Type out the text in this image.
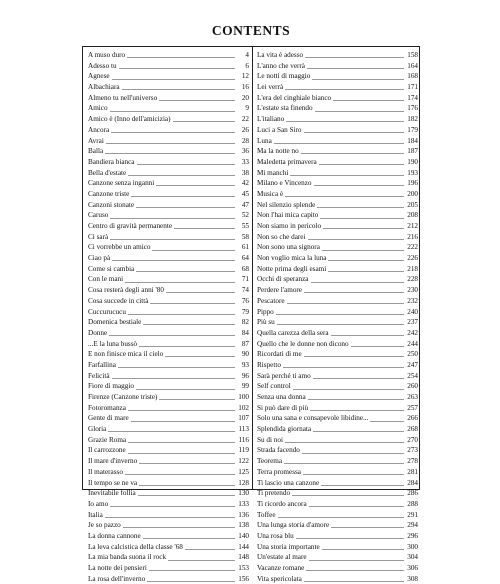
CONTENTS
A muso duro	4
Adesso tu	6
Agnese	12
Albachiara	16
Almeno tu nell'universo	20
Amico	9
Amico è (Inno dell'amicizia)	22
Ancora	26
Avrai	28
Balla	36
Bandiera bianca	33
Bella d'estate	38
Canzone senza inganni	42
Canzone triste	45
Canzoni stonate	47
Caruso	52
Centro di gravità permanente	55
Ci sarà	58
Ci vorrebbe un amico	61
Ciao pà	64
Come si cambia	68
Con le mani	71
Cosa resterà degli anni '80	74
Cosa succede in città	76
Cuccurucucu	79
Domenica bestiale	82
Donne	84
...E la luna bussò	87
E non finisce mica il cielo	90
Farfallina	93
Felicità	96
Fiore di maggio	99
Firenze (Canzone triste)	100
Fotoromanza	102
Gente di mare	107
Gloria	113
Grazie Roma	116
Il carrozzone	119
Il mare d'inverno	122
Il materasso	125
Il tempo se ne va	128
Inevitabile follia	130
Io amo	133
Italia	136
Je so pazzo	138
La donna cannone	140
La leva calcistica della classe '68	144
La mia banda suona il rock	148
La notte dei pensieri	153
La rosa dell'inverno	156
La vita è adesso	158
L'anno che verrà	164
Le notti di maggio	168
Lei verrà	171
L'era del cinghiale bianco	174
L'estate sta finendo	176
L'italiano	182
Luci a San Siro	179
Luna	184
Ma la notte no	187
Maledetta primavera	190
Mi manchi	193
Milano e Vincenzo	196
Musica è	200
Nel silenzio splende	205
Non l'hai mica capito	208
Non siamo in pericolo	212
Non so che darei	216
Non sono una signora	222
Non voglio mica la luna	226
Notte prima degli esami	218
Occhi di speranza	228
Perdere l'amore	230
Pescatore	232
Pippo	240
Più su	237
Quella carezza della sera	242
Quello che le donne non dicono	244
Ricordati di me	250
Rispetto	247
Sarà perché ti amo	254
Self control	260
Senza una donna	263
Si può dare di più	257
Solo una sana e consapevole libidine...	266
Splendida giornata	268
Su di noi	270
Strada facendo	273
Teorema	278
Terra promessa	281
Ti lascio una canzone	284
Ti pretendo	286
Ti ricordo ancora	288
Toffee	291
Una lunga storia d'amore	294
Una rosa blu	296
Una storia importante	300
Un'estate al mare	304
Vacanze romane	306
Vita spericolata	308
